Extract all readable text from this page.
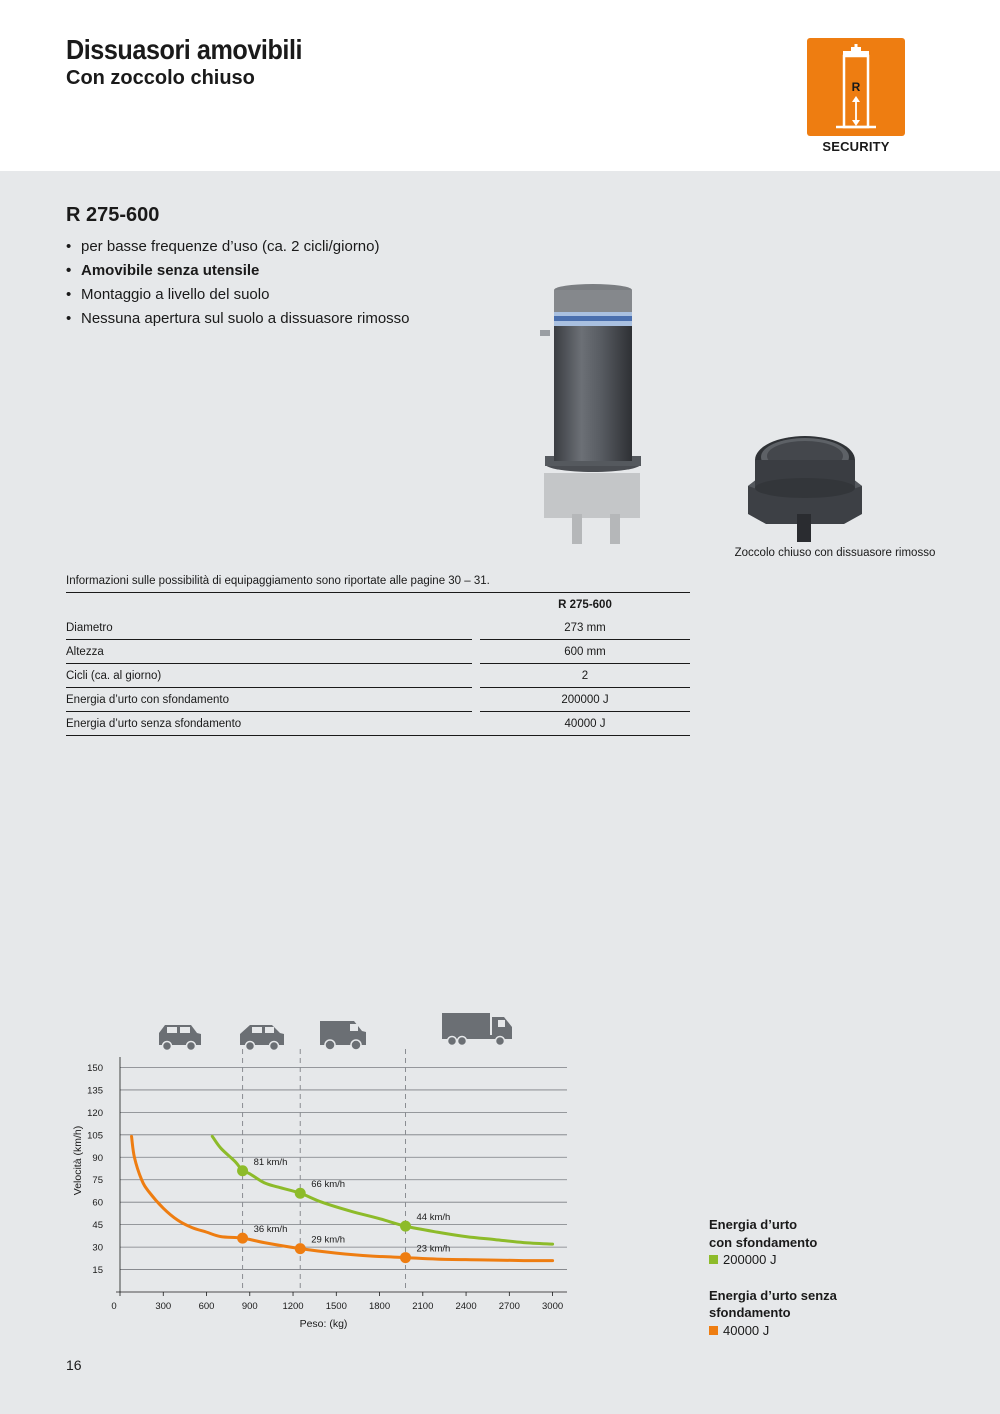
Dissuasori amovibili
Con zoccolo chiuso	R
SECURITY
R 275-600
• per basse frequenze d’uso (ca. 2 cicli/giorno)
• Amovibile senza utensile
• Montaggio a livello del suolo
• Nessuna apertura sul suolo a dissuasore rimosso
Zoccolo chiuso con dissuasore rimosso
Informazioni sulle possibilità di equipaggiamento sono riportate alle pagine 30 – 31.
		R 275-600
Diametro		273 mm
Altezza		600 mm
Cicli (ca. al giorno)		2
Energia d’urto con sfondamento		200000 J
Energia d’urto senza sfondamento		40000 J
15
30
45
60
75
90
105
120
135
150
0	300	600	900	1200 1500 1800 2100 2400 2700 3000
Peso: (kg)
Velocità (km/h)	81 km/h
66 km/h
44 km/h
36 km/h
29 km/h
23 km/h
Energia d’urto
con sfondamento
200000 J
Energia d’urto senza
sfondamento
40000 J
16
